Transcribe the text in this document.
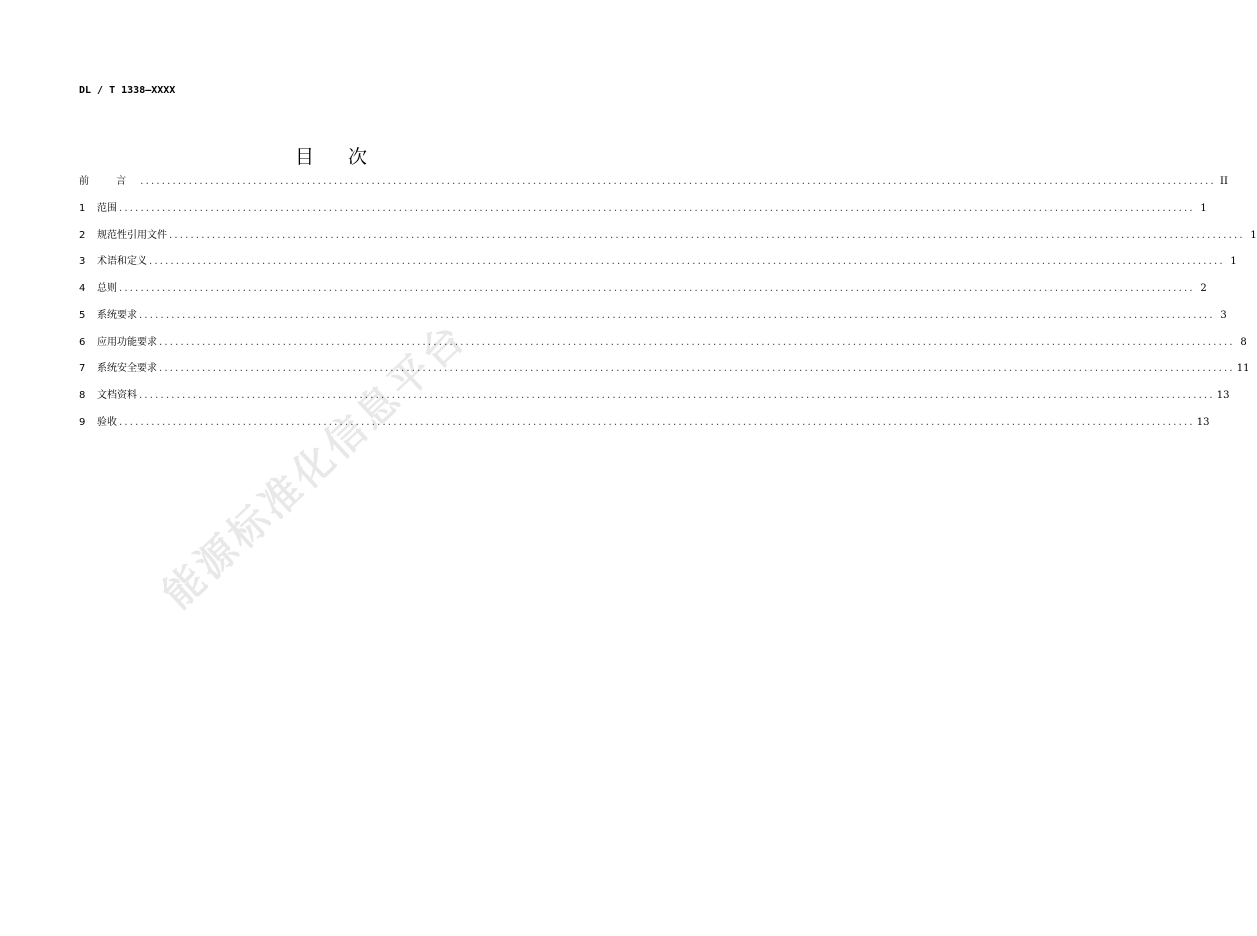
DL / T 1338—XXXX
目 次
前 言 ........................................................................................................................................................................................................ II
1	范围 ........................................................................................................................................................................................................ 1
2	规范性引用文件 ........................................................................................................................................................................................................ 1
3	术语和定义 ........................................................................................................................................................................................................ 1
4	总则 ........................................................................................................................................................................................................ 2
5	系统要求 ........................................................................................................................................................................................................ 3
6	应用功能要求 ........................................................................................................................................................................................................ 8
7	系统安全要求 ........................................................................................................................................................................................................ 11
8	文档资料 ........................................................................................................................................................................................................ 13
9	验收 ........................................................................................................................................................................................................ 13
能源标准化信息平台
